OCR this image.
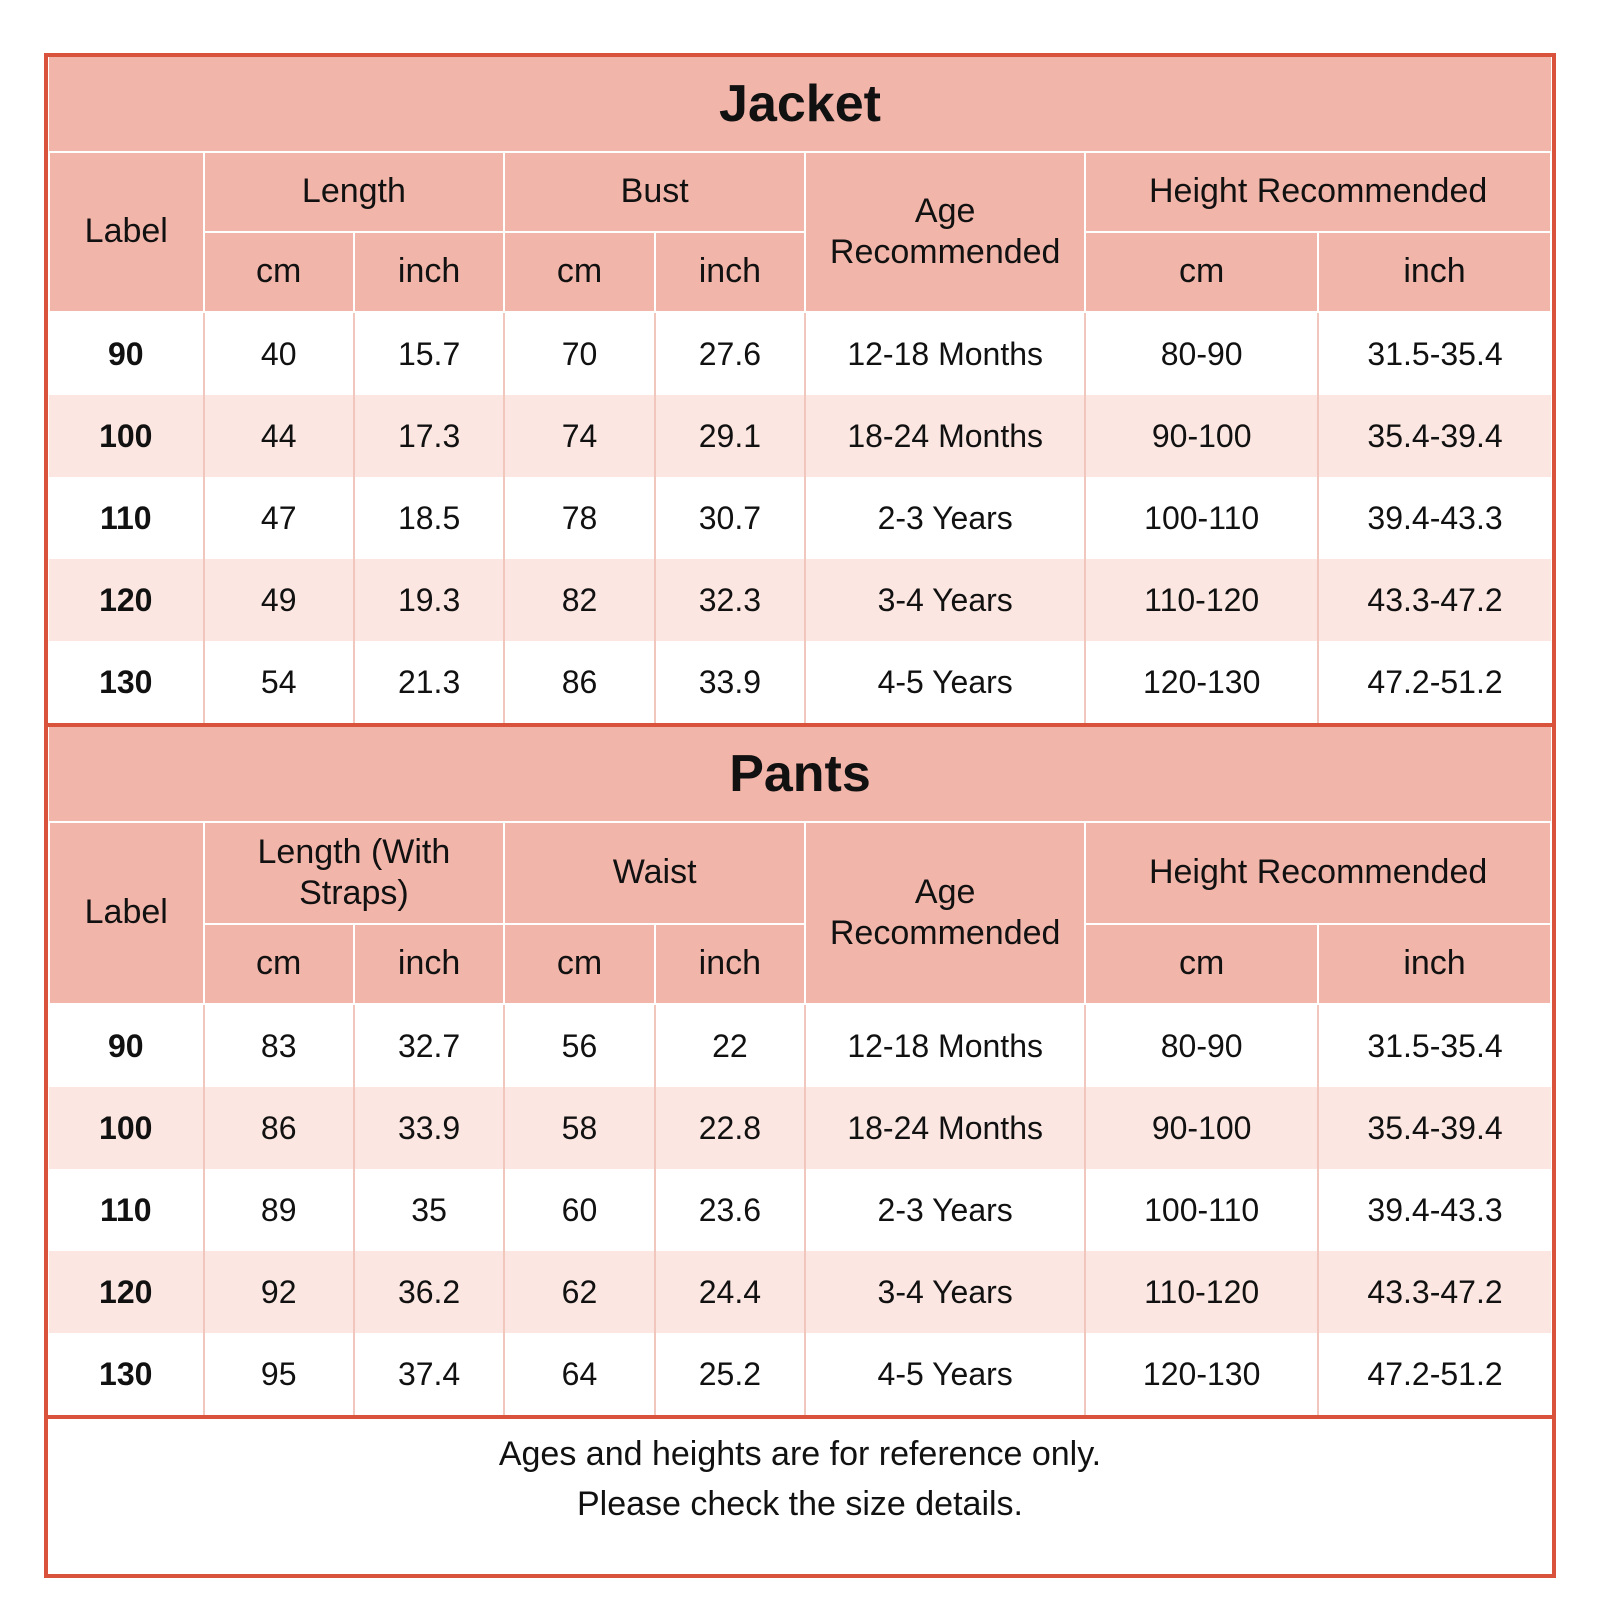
Jacket							
Label	Length		Bust		Age Recommended	Height Recommended	
	cm	inch	cm	inch		cm	inch
90	40	15.7	70	27.6	12-18 Months	80-90	31.5-35.4
100	44	17.3	74	29.1	18-24 Months	90-100	35.4-39.4
110	47	18.5	78	30.7	2-3 Years	100-110	39.4-43.3
120	49	19.3	82	32.3	3-4 Years	110-120	43.3-47.2
130	54	21.3	86	33.9	4-5 Years	120-130	47.2-51.2
Pants							
Label	Length (With Straps)		Waist		Age Recommended	Height Recommended	
	cm	inch	cm	inch		cm	inch
90	83	32.7	56	22	12-18 Months	80-90	31.5-35.4
100	86	33.9	58	22.8	18-24 Months	90-100	35.4-39.4
110	89	35	60	23.6	2-3 Years	100-110	39.4-43.3
120	92	36.2	62	24.4	3-4 Years	110-120	43.3-47.2
130	95	37.4	64	25.2	4-5 Years	120-130	47.2-51.2
Ages and heights are for reference only.
Please check the size details.
